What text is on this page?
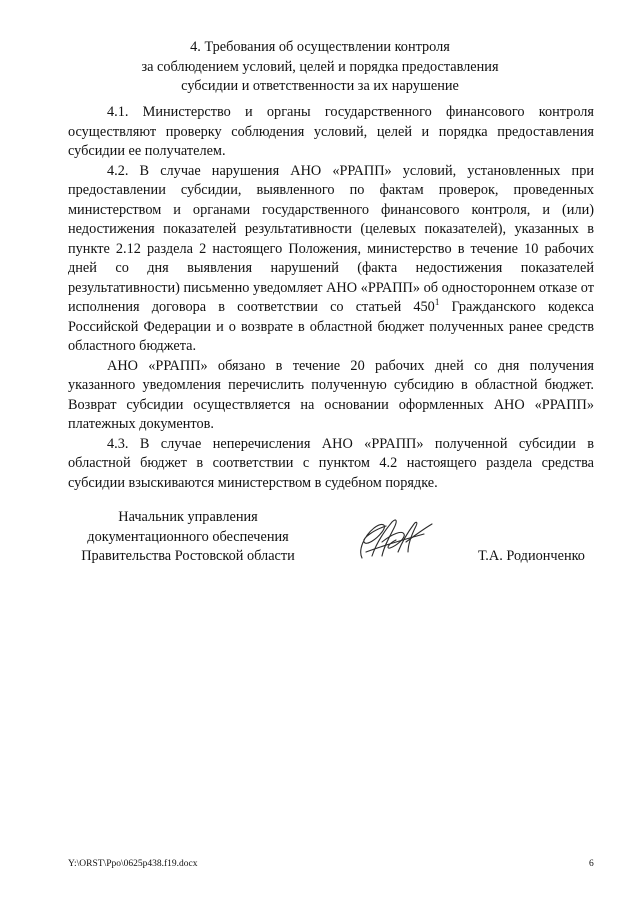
4. Требования об осуществлении контроля
за соблюдением условий, целей и порядка предоставления
субсидии и ответственности за их нарушение

4.1. Министерство и органы государственного финансового контроля осуществляют проверку соблюдения условий, целей и порядка предоставления субсидии ее получателем.

4.2. В случае нарушения АНО «РРАПП» условий, установленных при предоставлении субсидии, выявленного по фактам проверок, проведенных министерством и органами государственного финансового контроля, и (или) недостижения показателей результативности (целевых показателей), указанных в пункте 2.12 раздела 2 настоящего Положения, министерство в течение 10 рабочих дней со дня выявления нарушений (факта недостижения показателей результативности) письменно уведомляет АНО «РРАПП» об одностороннем отказе от исполнения договора в соответствии со статьей $450^1$ Гражданского кодекса Российской Федерации и о возврате в областной бюджет полученных ранее средств областного бюджета.

АНО «РРАПП» обязано в течение 20 рабочих дней со дня получения указанного уведомления перечислить полученную субсидию в областной бюджет. Возврат субсидии осуществляется на основании оформленных АНО «РРАПП» платежных документов.

4.3. В случае неперечисления АНО «РРАПП» полученной субсидии в областной бюджет в соответствии с пунктом 4.2 настоящего раздела средства субсидии взыскиваются министерством в судебном порядке.

Начальник управления
документационного обеспечения
Правительства Ростовской области	Т.А. Родионченко
Y:\ORST\Ppo\0625p438.f19.docx	6
